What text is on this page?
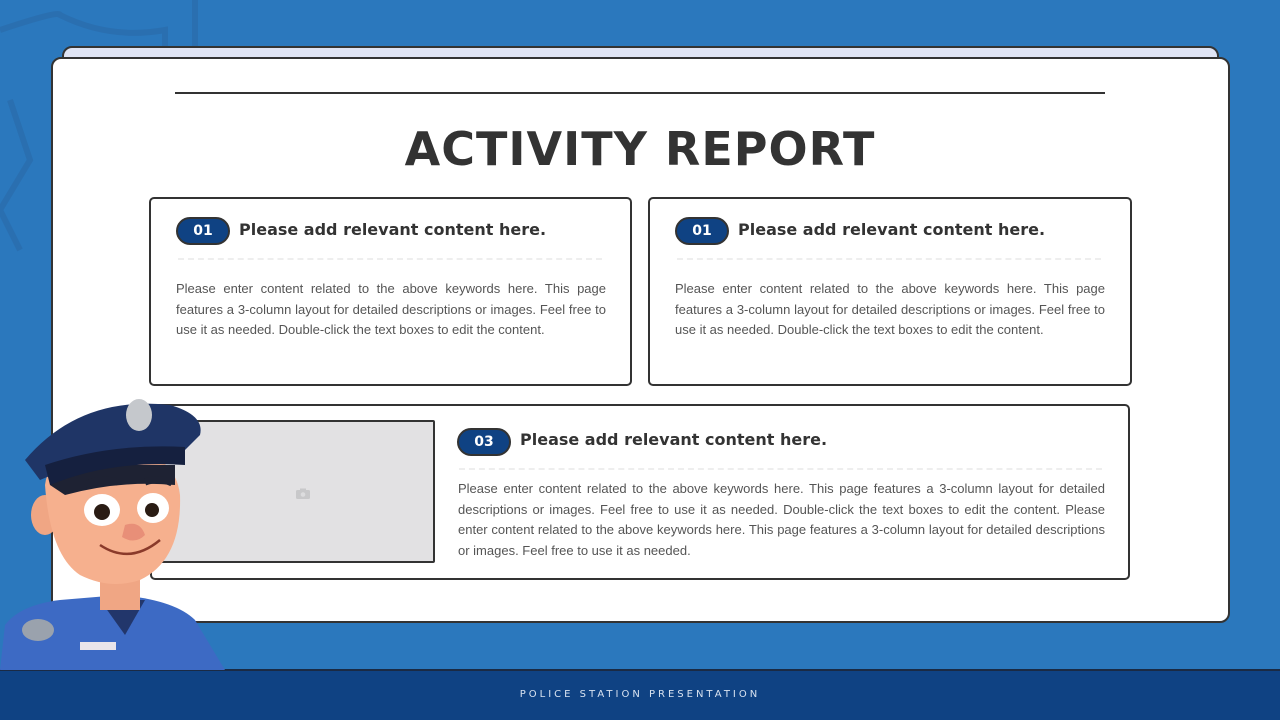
ACTIVITY REPORT
01	Please add relevant content here.
Please enter content related to the above keywords here. This page features a 3-column layout for detailed descriptions or images. Feel free to use it as needed. Double-click the text boxes to edit the content.
01	Please add relevant content here.
Please enter content related to the above keywords here. This page features a 3-column layout for detailed descriptions or images. Feel free to use it as needed. Double-click the text boxes to edit the content.
03	Please add relevant content here.
Please enter content related to the above keywords here. This page features a 3-column layout for detailed descriptions or images. Feel free to use it as needed. Double-click the text boxes to edit the content. Please enter content related to the above keywords here. This page features a 3-column layout for detailed descriptions or images. Feel free to use it as needed.
POLICE STATION PRESENTATION
